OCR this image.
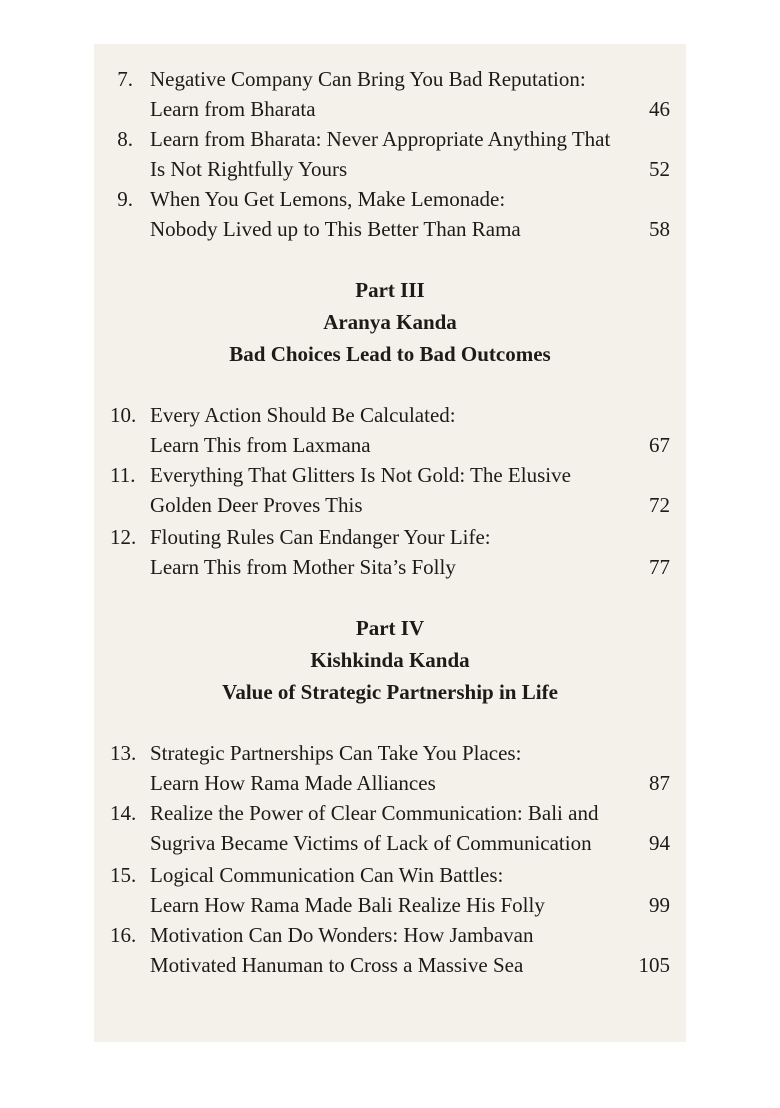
7. Negative Company Can Bring You Bad Reputation:
Learn from Bharata	46
8. Learn from Bharata: Never Appropriate Anything That
Is Not Rightfully Yours	52
9. When You Get Lemons, Make Lemonade:
Nobody Lived up to This Better Than Rama	58
Part III
Aranya Kanda
Bad Choices Lead to Bad Outcomes
10. Every Action Should Be Calculated:
Learn This from Laxmana	67
11. Everything That Glitters Is Not Gold: The Elusive
Golden Deer Proves This	72
12. Flouting Rules Can Endanger Your Life:
Learn This from Mother Sita’s Folly	77
Part IV
Kishkinda Kanda
Value of Strategic Partnership in Life
13. Strategic Partnerships Can Take You Places:
Learn How Rama Made Alliances	87
14. Realize the Power of Clear Communication: Bali and
Sugriva Became Victims of Lack of Communication	94
15. Logical Communication Can Win Battles:
Learn How Rama Made Bali Realize His Folly	99
16. Motivation Can Do Wonders: How Jambavan
Motivated Hanuman to Cross a Massive Sea	105
